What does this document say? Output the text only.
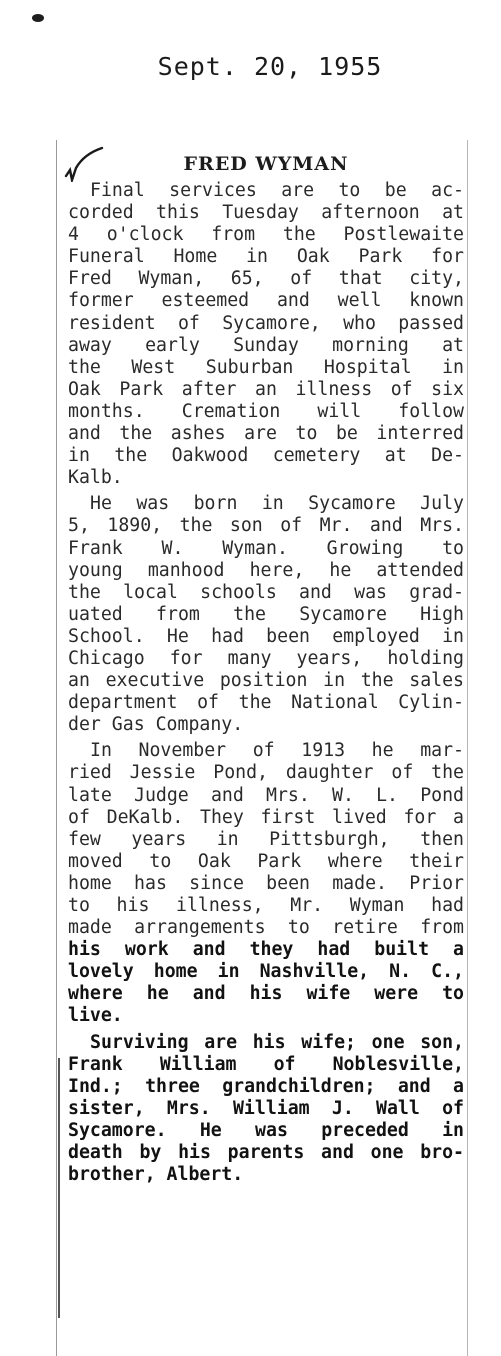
Sept. 20, 1955
FRED WYMAN
Final services are to be ac-
corded this Tuesday afternoon at
4 o'clock from the Postlewaite
Funeral Home in Oak Park for
Fred Wyman, 65, of that city,
former esteemed and well known
resident of Sycamore, who passed
away early Sunday morning at
the West Suburban Hospital in
Oak Park after an illness of six
months. Cremation will follow
and the ashes are to be interred
in the Oakwood cemetery at De-
Kalb.
He was born in Sycamore July
5, 1890, the son of Mr. and Mrs.
Frank W. Wyman. Growing to
young manhood here, he attended
the local schools and was grad-
uated from the Sycamore High
School. He had been employed in
Chicago for many years, holding
an executive position in the sales
department of the National Cylin-
der Gas Company.
In November of 1913 he mar-
ried Jessie Pond, daughter of the
late Judge and Mrs. W. L. Pond
of DeKalb. They first lived for a
few years in Pittsburgh, then
moved to Oak Park where their
home has since been made. Prior
to his illness, Mr. Wyman had
made arrangements to retire from
his work and they had built a
lovely home in Nashville, N. C.,
where he and his wife were to
live.
Surviving are his wife; one son,
Frank William of Noblesville,
Ind.; three grandchildren; and a
sister, Mrs. William J. Wall of
Sycamore. He was preceded in
death by his parents and one bro-
brother, Albert.
